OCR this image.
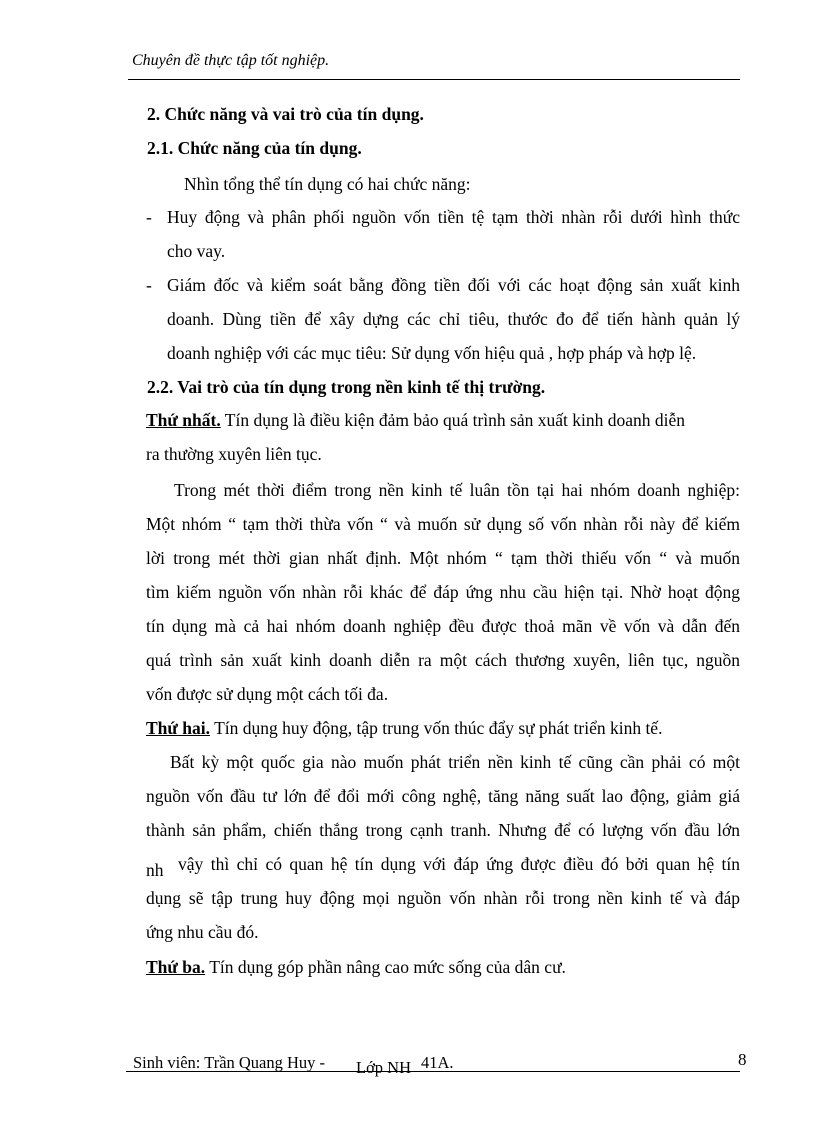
Chuyên đề thực tập tốt nghiệp.
2. Chức năng và vai trò của tín dụng.
2.1. Chức năng của tín dụng.
Nhìn tổng thể tín dụng có hai chức năng:
- Huy động và phân phối nguồn vốn tiền tệ tạm thời nhàn rỗi dưới hình thức
cho vay.
- Giám đốc và kiểm soát bằng đồng tiền đối với các hoạt động sản xuất kinh
doanh. Dùng tiền để xây dựng các chỉ tiêu, thước đo để tiến hành quản lý
doanh nghiệp với các mục tiêu: Sử dụng vốn hiệu quả , hợp pháp và hợp lệ.
2.2. Vai trò của tín dụng trong nền kinh tế thị trường.
Thứ nhất. Tín dụng là điều kiện đảm bảo quá trình sản xuất kinh doanh diễn
ra thường xuyên liên tục.
Trong mét thời điểm trong nền kinh tế luân tồn tại hai nhóm doanh nghiệp:
Một nhóm “ tạm thời thừa vốn “ và muốn sử dụng số vốn nhàn rỗi này để kiếm
lời trong mét thời gian nhất định. Một nhóm “ tạm thời thiếu vốn “ và muốn
tìm kiếm nguồn vốn nhàn rỗi khác để đáp ứng nhu cầu hiện tại. Nhờ hoạt động
tín dụng mà cả hai nhóm doanh nghiệp đều được thoả mãn về vốn và dẫn đến
quá trình sản xuất kinh doanh diễn ra một cách thương xuyên, liên tục, nguồn
vốn được sử dụng một cách tối đa.
Thứ hai. Tín dụng huy động, tập trung vốn thúc đẩy sự phát triển kinh tế.
Bất kỳ một quốc gia nào muốn phát triển nền kinh tế cũng cần phải có một
nguồn vốn đầu tư lớn để đổi mới công nghệ, tăng năng suất lao động, giảm giá
thành sản phẩm, chiến thắng trong cạnh tranh. Nhưng để có lượng vốn đầu lớn
nh vậy thì chỉ có quan hệ tín dụng với đáp ứng được điều đó bởi quan hệ tín
dụng sẽ tập trung huy động mọi nguồn vốn nhàn rỗi trong nền kinh tế và đáp
ứng nhu cầu đó.
Thứ ba. Tín dụng góp phần nâng cao mức sống của dân cư.
Sinh viên: Trần Quang Huy - Lớp NH 41A.	8
